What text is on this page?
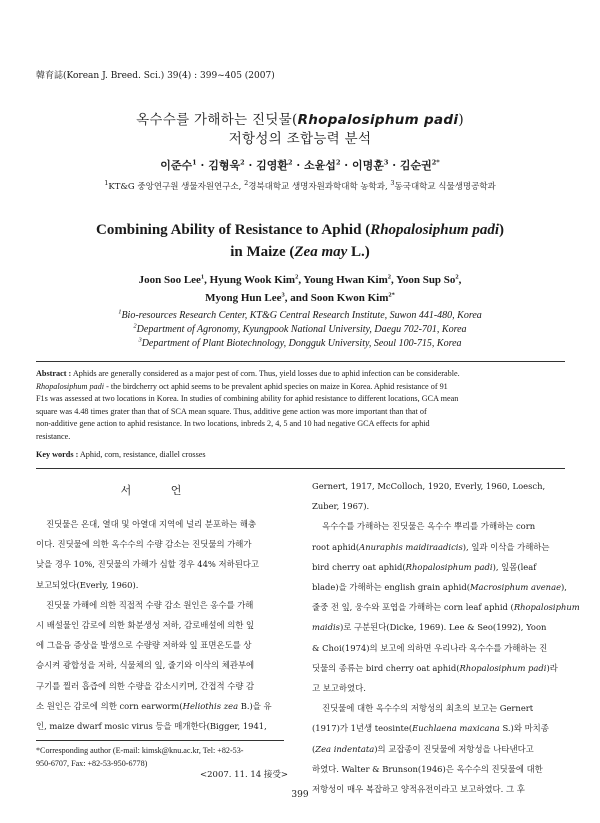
韓育誌(Korean J. Breed. Sci.) 39(4) : 399~405 (2007)
옥수수를 가해하는 진딧물(Rhopalosiphum padi)
저항성의 조합능력 분석
이준수$^1$ · 김형욱$^2$ · 김영환$^2$ · 소윤섭$^2$ · 이명훈$^3$ · 김순권$^{2*}$
$^1$KT&G 중앙연구원 생물자원연구소, $^2$경북대학교 생명자원과학대학 농학과, $^3$동국대학교 식물생명공학과
Combining Ability of Resistance to Aphid (Rhopalosiphum padi)
in Maize (Zea may L.)
Joon Soo Lee$^1$, Hyung Wook Kim$^2$, Young Hwan Kim$^2$, Yoon Sup So$^2$,
Myong Hun Lee$^3$, and Soon Kwon Kim$^{2*}$
$^1$Bio-resources Research Center, KT&G Central Research Institute, Suwon 441-480, Korea
$^2$Department of Agronomy, Kyungpook National University, Daegu 702-701, Korea
$^3$Department of Plant Biotechnology, Dongguk University, Seoul 100-715, Korea
Abstract : Aphids are generally considered as a major pest of corn. Thus, yield losses due to aphid infection can be considerable.
Rhopalosiphum padi - the birdcherry oct aphid seems to be prevalent aphid species on maize in Korea. Aphid resistance of 91
F1s was assessed at two locations in Korea. In studies of combining ability for aphid resistance to different locations, GCA mean
square was 4.48 times grater than that of SCA mean square. Thus, additive gene action was more important than that of
non-additive gene action to aphid resistance. In two locations, inbreds 2, 4, 5 and 10 had negative GCA effects for aphid
resistance.
Key words : Aphid, corn, resistance, diallel crosses
서 언
진딧물은 온대, 열대 및 아열대 지역에 널리 분포하는 해충
이다. 진딧물에 의한 옥수수의 수량 감소는 진딧물의 가해가
낮을 경우 10%, 진딧물의 가해가 심할 경우 44% 저하된다고
보고되었다(Everly, 1960).
진딧물 가해에 의한 직접적 수량 감소 원인은 옹수를 가해
시 배설물인 감로에 의한 화분생성 저하, 감로배설에 의한 잎
에 그을음 증상을 발생으로 수량량 저하와 잎 표면온도를 상
승시켜 광합성을 저하, 식물체의 잎, 줄기와 이삭의 체관부에
구기를 찔러 흡즙에 의한 수량을 감소시키며, 간접적 수량 감
소 원인은 감로에 의한 corn earworm(Heliothis zea B.)을 유
인, maize dwarf mosic virus 등을 매개한다(Bigger, 1941,
Gernert, 1917, McColloch, 1920, Everly, 1960, Loesch,
Zuber, 1967).
옥수수를 가해하는 진딧물은 옥수수 뿌리를 가해하는 corn
root aphid(Anuraphis maidiraadicis), 잎과 이삭을 가해하는
bird cherry oat aphid(Rhopalosiphum padi), 잎몸(leaf
blade)을 가해하는 english grain aphid(Macrosiphum avenae),
줄중 전 잎, 웅수와 포엽을 가해하는 corn leaf aphid (Rhopalosiphum
maidis)로 구분된다(Dicke, 1969). Lee & Seo(1992), Yoon
& Choi(1974)의 보고에 의하면 우리나라 옥수수를 가해하는 진
딧물의 종류는 bird cherry oat aphid(Rhopalosiphum padi)라
고 보고하였다.
진딧물에 대한 옥수수의 저항성의 최초의 보고는 Gernert
(1917)가 1년생 teosinte(Euchlaena maxicana S.)와 마치종
(Zea indentata)의 교잡종이 진딧물에 저항성을 나타낸다고
하였다. Walter & Brunson(1946)은 옥수수의 진딧물에 대한
저항성이 매우 복잡하고 양적유전이라고 보고하였다. 그 후
*Corresponding author (E-mail: kimsk@knu.ac.kr, Tel: +82-53-
950-6707, Fax: +82-53-950-6778)
<2007. 11. 14 接受>
399
